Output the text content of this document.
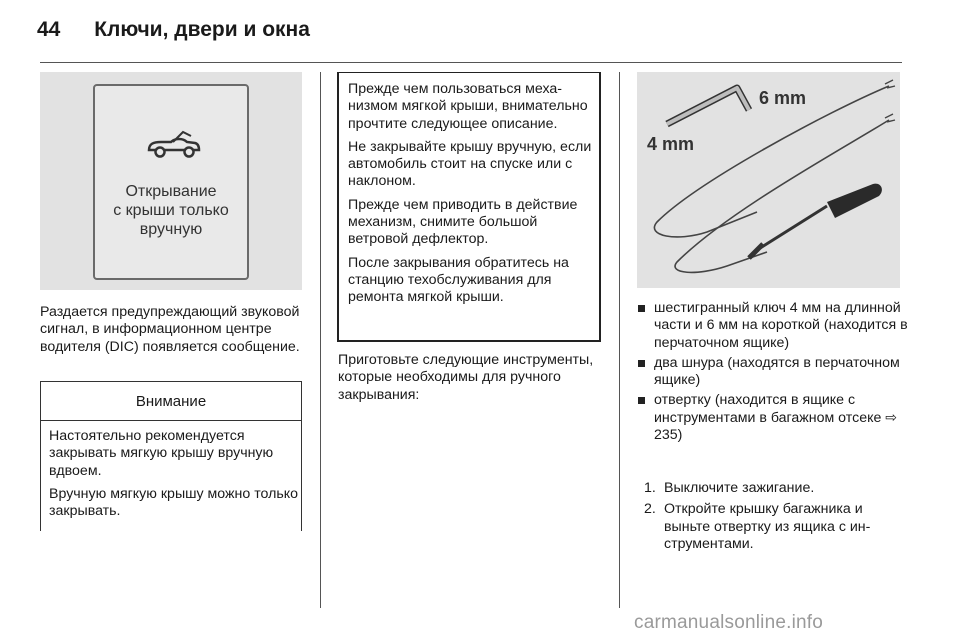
44 Ключи, двери и окна
Открывание
с крыши только
вручную

Раздается предупреждающий звуковой сигнал, в информационном центре водителя (DIC) появляется сообщение.

Внимание

Настоятельно рекомендуется закрывать мягкую крышу вручную вдвоем.

Вручную мягкую крышу можно только закрывать.

Прежде чем пользоваться механизмом мягкой крыши, внимательно прочтите следующее описание.

Не закрывайте крышу вручную, если автомобиль стоит на спуске или с наклоном.

Прежде чем приводить в действие механизм, снимите большой ветровой дефлектор.

После закрывания обратитесь на станцию техобслуживания для ремонта мягкой крыши.

Приготовьте следующие инструменты, которые необходимы для ручного закрывания:

6 mm
4 mm
шестигранный ключ 4 мм на длинной части и 6 мм на короткой (находится в перчаточном ящике)
два шнура (находятся в перчаточном ящике)
отвертку (находится в ящике с инструментами в багажном отсеке ⇨ 235)
1. Выключите зажигание.
2. Откройте крышку багажника и выньте отвертку из ящика с инструментами.
carmanualsonline.info
